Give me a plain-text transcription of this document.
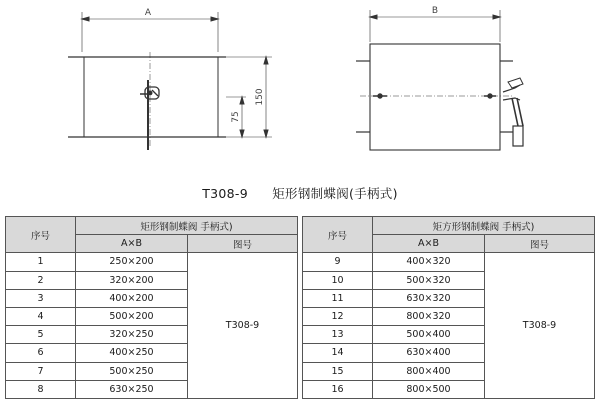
A
150
75
B
T308-9 矩形钢制蝶阀(手柄式)
序号	矩形钢制蝶阀 手柄式)	
	A×B	图号
1	250×200	T308-9
2	320×200	
3	400×200	
4	500×200	
5	320×250	
6	400×250	
7	500×250	
8	630×250	
序号	矩方形钢制蝶阀 手柄式)	
	A×B	图号
9	400×320	T308-9
10	500×320	
11	630×320	
12	800×320	
13	500×400	
14	630×400	
15	800×400	
16	800×500	
